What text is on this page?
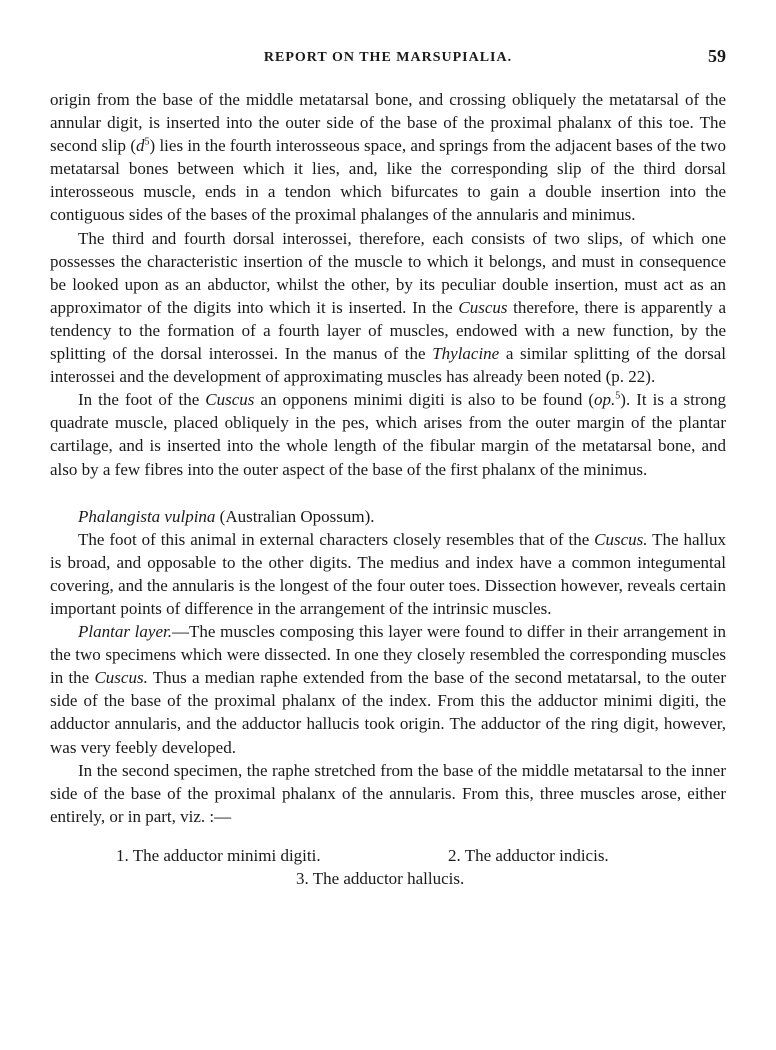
REPORT ON THE MARSUPIALIA.	59

origin from the base of the middle metatarsal bone, and crossing obliquely the metatarsal of the annular digit, is inserted into the outer side of the base of the proximal phalanx of this toe. The second slip $(d^5)$ lies in the fourth interosseous space, and springs from the adjacent bases of the two metatarsal bones between which it lies, and, like the corresponding slip of the third dorsal interosseous muscle, ends in a tendon which bifurcates to gain a double insertion into the contiguous sides of the bases of the proximal phalanges of the annularis and minimus.

The third and fourth dorsal interossei, therefore, each consists of two slips, of which one possesses the characteristic insertion of the muscle to which it belongs, and must in consequence be looked upon as an abductor, whilst the other, by its peculiar double insertion, must act as an approximator of the digits into which it is inserted. In the Cuscus therefore, there is apparently a tendency to the formation of a fourth layer of muscles, endowed with a new function, by the splitting of the dorsal interossei. In the manus of the Thylacine a similar splitting of the dorsal interossei and the development of approximating muscles has already been noted (p. 22).

In the foot of the Cuscus an opponens minimi digiti is also to be found (op.$^5$). It is a strong quadrate muscle, placed obliquely in the pes, which arises from the outer margin of the plantar cartilage, and is inserted into the whole length of the fibular margin of the metatarsal bone, and also by a few fibres into the outer aspect of the base of the first phalanx of the minimus.

Phalangista vulpina (Australian Opossum).

The foot of this animal in external characters closely resembles that of the Cuscus. The hallux is broad, and opposable to the other digits. The medius and index have a common integumental covering, and the annularis is the longest of the four outer toes. Dissection however, reveals certain important points of difference in the arrangement of the intrinsic muscles.

Plantar layer.—The muscles composing this layer were found to differ in their arrangement in the two specimens which were dissected. In one they closely resembled the corresponding muscles in the Cuscus. Thus a median raphe extended from the base of the second metatarsal, to the outer side of the base of the proximal phalanx of the index. From this the adductor minimi digiti, the adductor annularis, and the adductor hallucis took origin. The adductor of the ring digit, however, was very feebly developed.

In the second specimen, the raphe stretched from the base of the middle metatarsal to the inner side of the base of the proximal phalanx of the annularis. From this, three muscles arose, either entirely, or in part, viz. :—

1. The adductor minimi digiti.	2. The adductor indicis.
3. The adductor hallucis.
